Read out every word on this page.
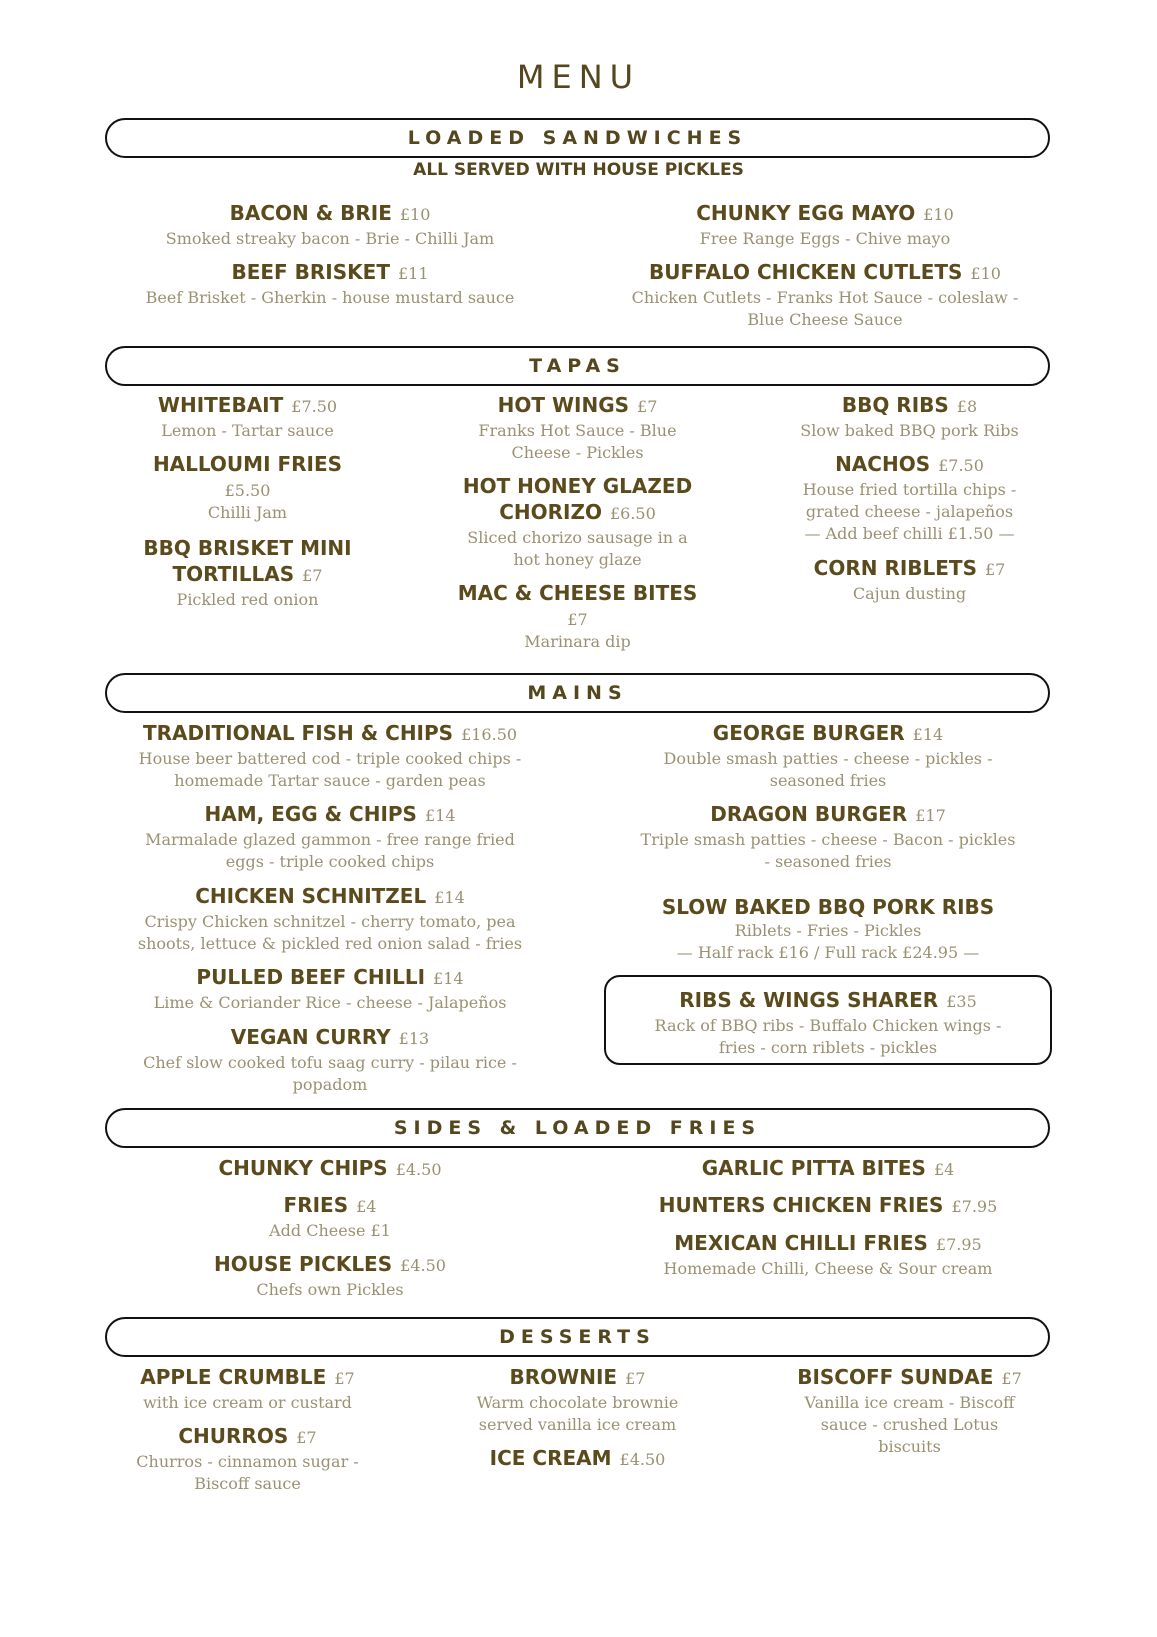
MENU
LOADED SANDWICHES
ALL SERVED WITH HOUSE PICKLES
BACON & BRIE £10
Smoked streaky bacon - Brie - Chilli Jam
BEEF BRISKET £11
Beef Brisket - Gherkin - house mustard sauce
CHUNKY EGG MAYO £10
Free Range Eggs - Chive mayo
BUFFALO CHICKEN CUTLETS £10
Chicken Cutlets - Franks Hot Sauce - coleslaw -
Blue Cheese Sauce
TAPAS
WHITEBAIT £7.50
Lemon - Tartar sauce
HALLOUMI FRIES
£5.50
Chilli Jam
BBQ BRISKET MINI
TORTILLAS £7
Pickled red onion
HOT WINGS £7
Franks Hot Sauce - Blue
Cheese - Pickles
HOT HONEY GLAZED
CHORIZO £6.50
Sliced chorizo sausage in a
hot honey glaze
MAC & CHEESE BITES
£7
Marinara dip
BBQ RIBS £8
Slow baked BBQ pork Ribs
NACHOS £7.50
House fried tortilla chips -
grated cheese - jalapeños
— Add beef chilli £1.50 —
CORN RIBLETS £7
Cajun dusting
MAINS
TRADITIONAL FISH & CHIPS £16.50
House beer battered cod - triple cooked chips -
homemade Tartar sauce - garden peas
HAM, EGG & CHIPS £14
Marmalade glazed gammon - free range fried
eggs - triple cooked chips
CHICKEN SCHNITZEL £14
Crispy Chicken schnitzel - cherry tomato, pea
shoots, lettuce & pickled red onion salad - fries
PULLED BEEF CHILLI £14
Lime & Coriander Rice - cheese - Jalapeños
VEGAN CURRY £13
Chef slow cooked tofu saag curry - pilau rice -
popadom
GEORGE BURGER £14
Double smash patties - cheese - pickles -
seasoned fries
DRAGON BURGER £17
Triple smash patties - cheese - Bacon - pickles
- seasoned fries
SLOW BAKED BBQ PORK RIBS
Riblets - Fries - Pickles
— Half rack £16 / Full rack £24.95 —
RIBS & WINGS SHARER £35
Rack of BBQ ribs - Buffalo Chicken wings -
fries - corn riblets - pickles
SIDES & LOADED FRIES
CHUNKY CHIPS £4.50
FRIES £4
Add Cheese £1
HOUSE PICKLES £4.50
Chefs own Pickles
GARLIC PITTA BITES £4
HUNTERS CHICKEN FRIES £7.95
MEXICAN CHILLI FRIES £7.95
Homemade Chilli, Cheese & Sour cream
DESSERTS
APPLE CRUMBLE £7
with ice cream or custard
CHURROS £7
Churros - cinnamon sugar -
Biscoff sauce
BROWNIE £7
Warm chocolate brownie
served vanilla ice cream
ICE CREAM £4.50
BISCOFF SUNDAE £7
Vanilla ice cream - Biscoff
sauce - crushed Lotus
biscuits
